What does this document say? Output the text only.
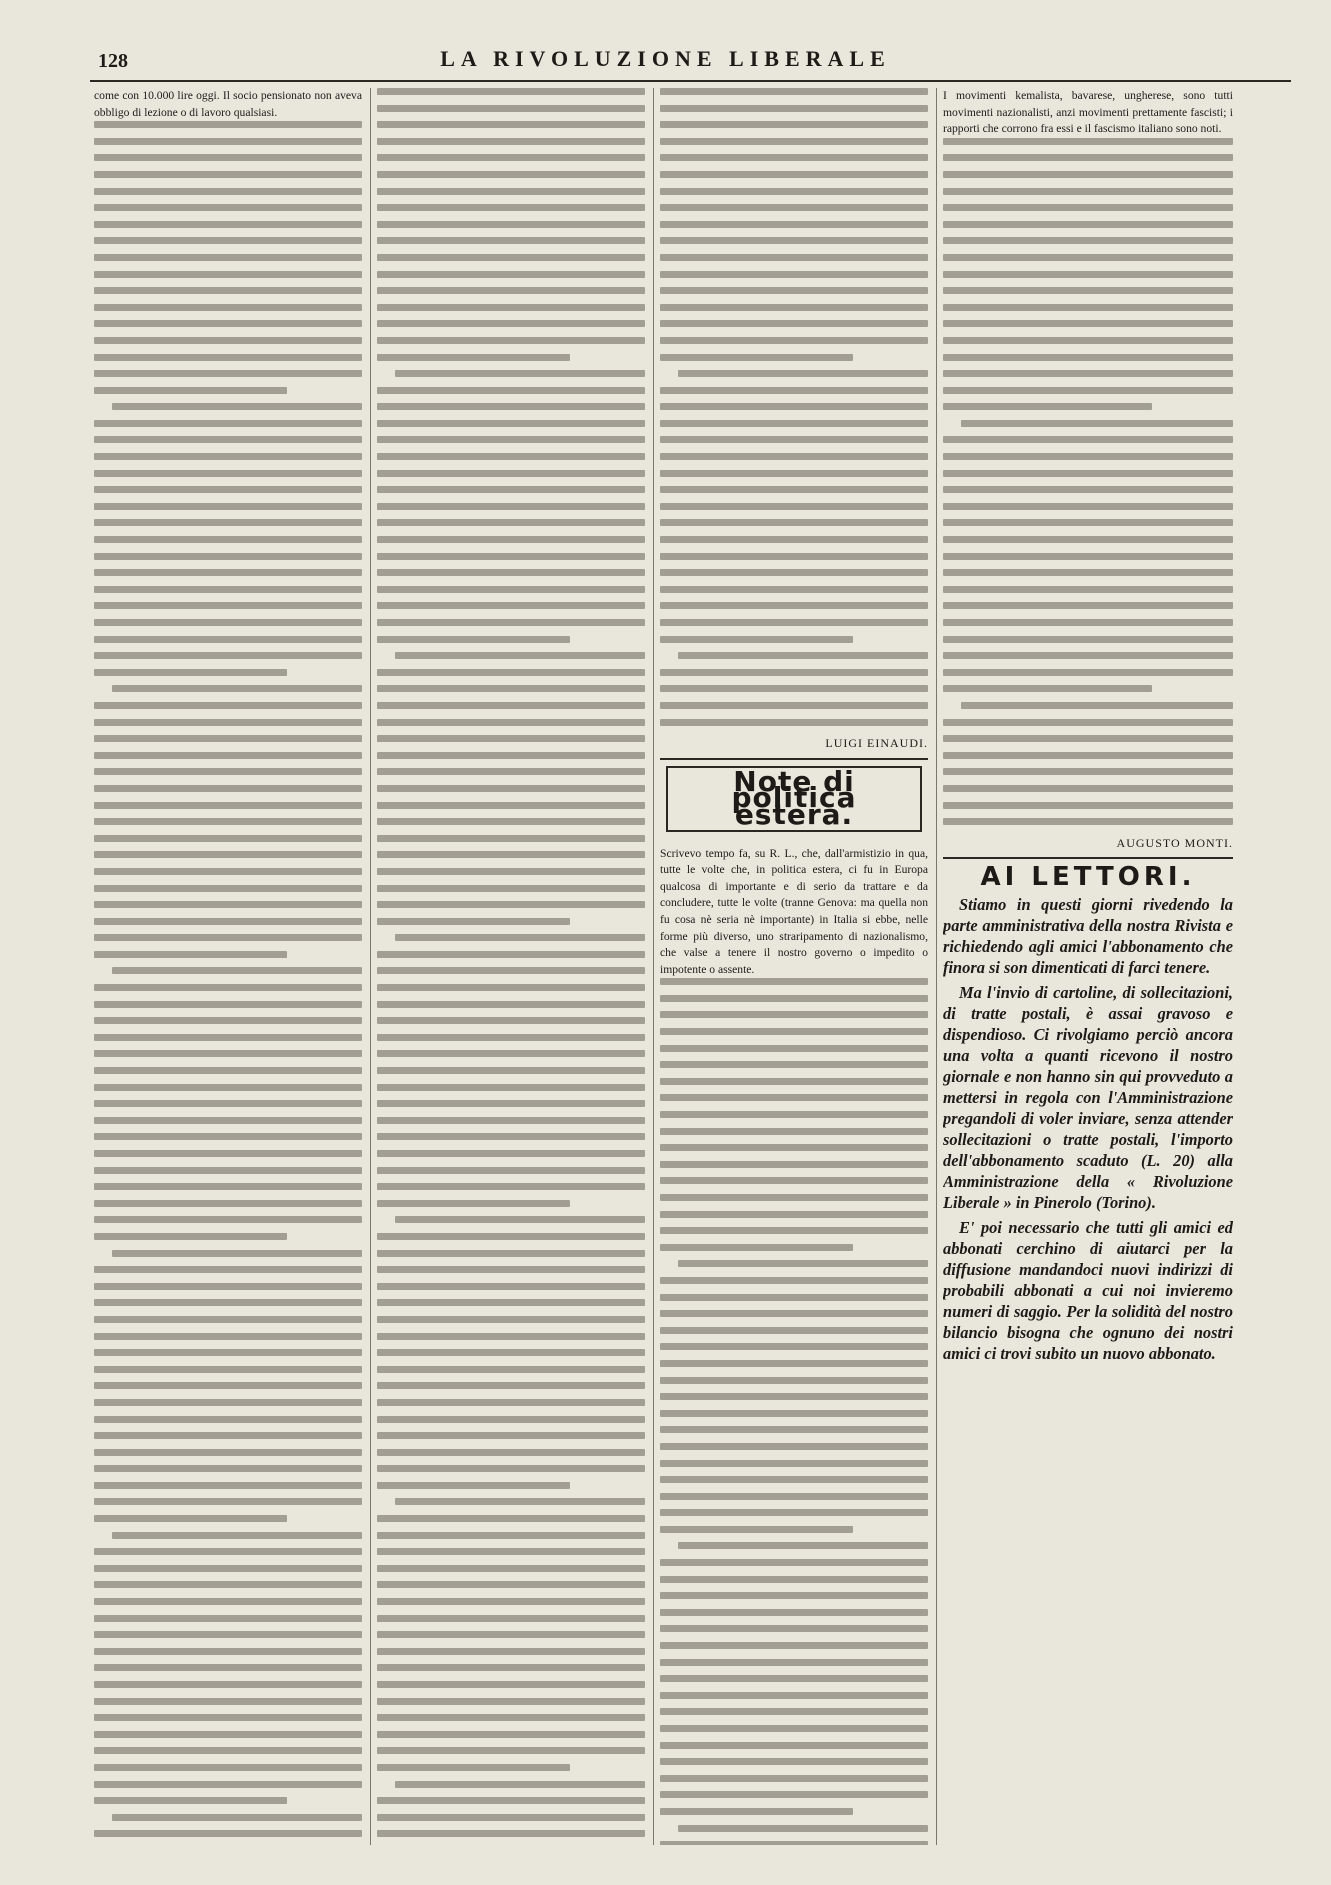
128	LA RIVOLUZIONE LIBERALE
come con 10.000 lire oggi. Il socio pensionato non aveva obbligo di lezione o di lavoro qualsiasi.
LUIGI EINAUDI.
Note di politica estera.
Scrivevo tempo fa, su R. L., che, dall'armistizio in qua, tutte le volte che, in politica estera, ci fu in Europa qualcosa di importante e di serio da trattare e da concludere, tutte le volte (tranne Genova: ma quella non fu cosa nè seria nè importante) in Italia si ebbe, nelle forme più diverso, uno straripamento di nazionalismo, che valse a tenere il nostro governo o impedito o impotente o assente.
I movimenti kemalista, bavarese, ungherese, sono tutti movimenti nazionalisti, anzi movimenti prettamente fascisti; i rapporti che corrono fra essi e il fascismo italiano sono noti.
AUGUSTO MONTI.
AI LETTORI.

Stiamo in questi giorni rivedendo la parte amministrativa della nostra Rivista e richiedendo agli amici l'abbonamento che finora si son dimenticati di farci tenere.

Ma l'invio di cartoline, di sollecitazioni, di tratte postali, è assai gravoso e dispendioso. Ci rivolgiamo perciò ancora una volta a quanti ricevono il nostro giornale e non hanno sin qui provveduto a mettersi in regola con l'Amministrazione pregandoli di voler inviare, senza attender sollecitazioni o tratte postali, l'importo dell'abbonamento scaduto (L. 20) alla Amministrazione della « Rivoluzione Liberale » in Pinerolo (Torino).

E' poi necessario che tutti gli amici ed abbonati cerchino di aiutarci per la diffusione mandandoci nuovi indirizzi di probabili abbonati a cui noi invieremo numeri di saggio. Per la solidità del nostro bilancio bisogna che ognuno dei nostri amici ci trovi subito un nuovo abbonato.
